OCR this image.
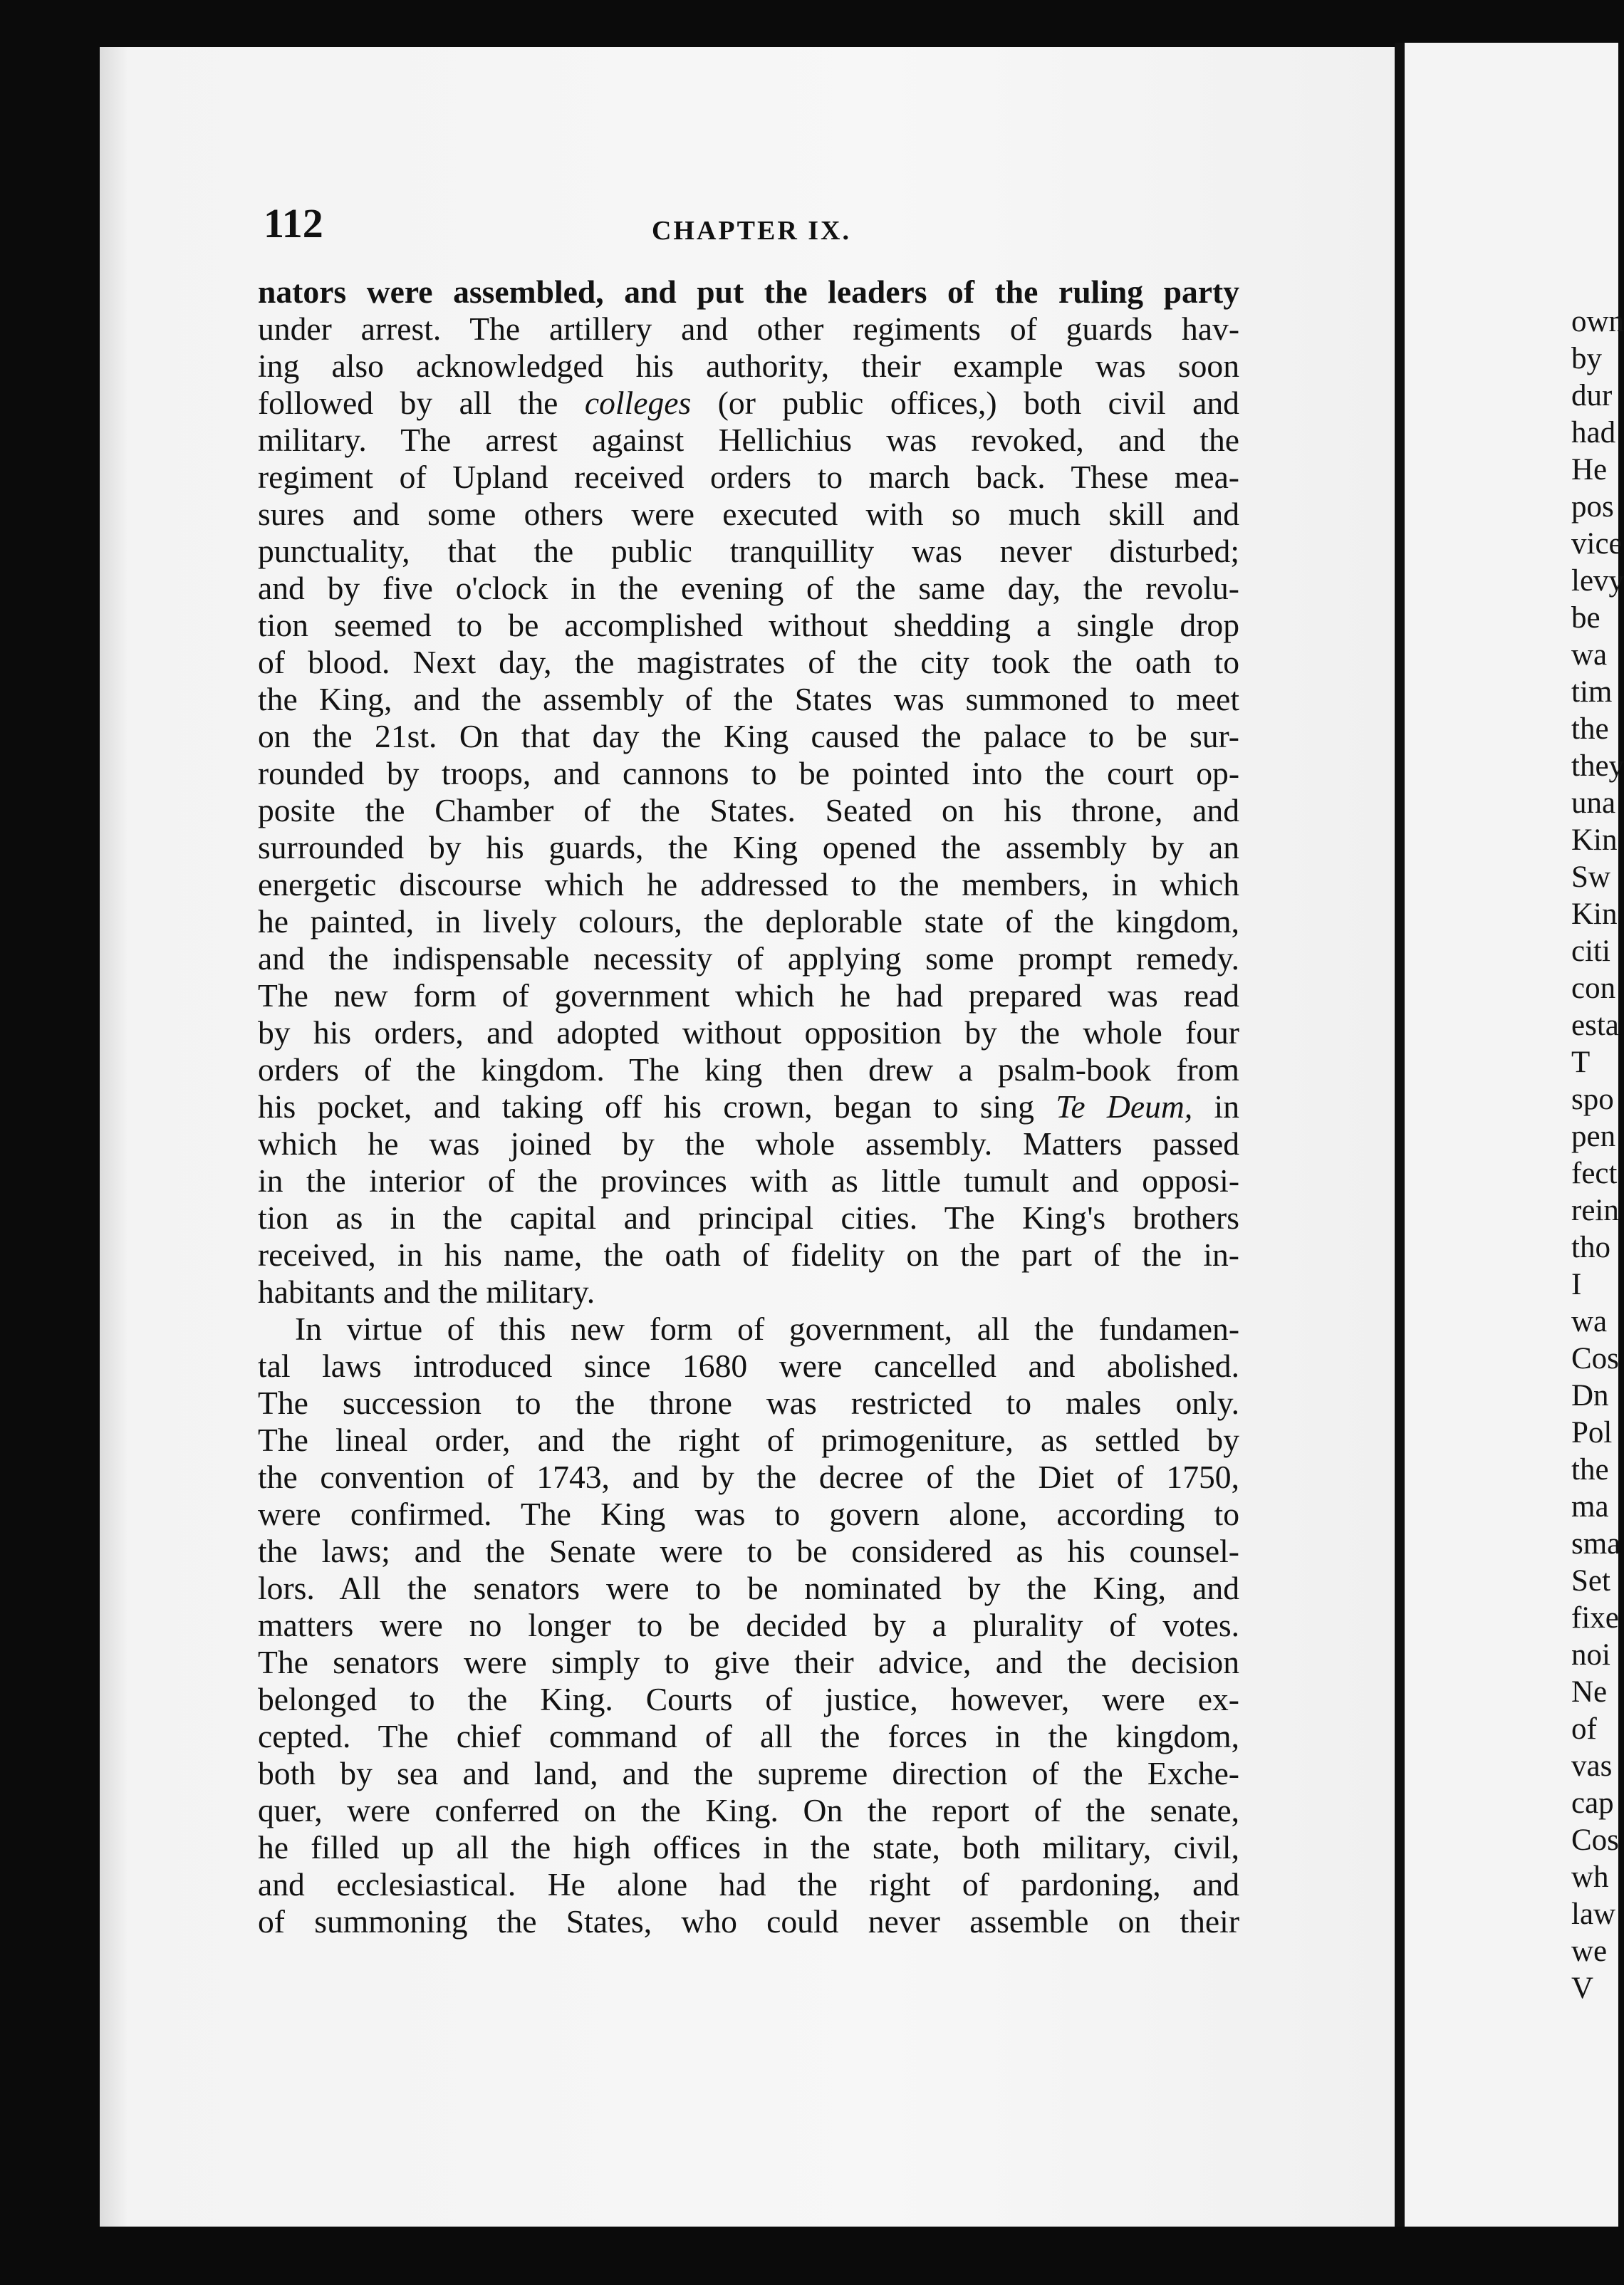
112	CHAPTER IX.
nators were assembled, and put the leaders of the ruling party
under arrest. The artillery and other regiments of guards hav-
ing also acknowledged his authority, their example was soon
followed by all the colleges (or public offices,) both civil and
military. The arrest against Hellichius was revoked, and the
regiment of Upland received orders to march back. These mea-
sures and some others were executed with so much skill and
punctuality, that the public tranquillity was never disturbed;
and by five o'clock in the evening of the same day, the revolu-
tion seemed to be accomplished without shedding a single drop
of blood. Next day, the magistrates of the city took the oath to
the King, and the assembly of the States was summoned to meet
on the 21st. On that day the King caused the palace to be sur-
rounded by troops, and cannons to be pointed into the court op-
posite the Chamber of the States. Seated on his throne, and
surrounded by his guards, the King opened the assembly by an
energetic discourse which he addressed to the members, in which
he painted, in lively colours, the deplorable state of the kingdom,
and the indispensable necessity of applying some prompt remedy.
The new form of government which he had prepared was read
by his orders, and adopted without opposition by the whole four
orders of the kingdom. The king then drew a psalm-book from
his pocket, and taking off his crown, began to sing Te Deum, in
which he was joined by the whole assembly. Matters passed
in the interior of the provinces with as little tumult and opposi-
tion as in the capital and principal cities. The King's brothers
received, in his name, the oath of fidelity on the part of the in-
habitants and the military.
In virtue of this new form of government, all the fundamen-
tal laws introduced since 1680 were cancelled and abolished.
The succession to the throne was restricted to males only.
The lineal order, and the right of primogeniture, as settled by
the convention of 1743, and by the decree of the Diet of 1750,
were confirmed. The King was to govern alone, according to
the laws; and the Senate were to be considered as his counsel-
lors. All the senators were to be nominated by the King, and
matters were no longer to be decided by a plurality of votes.
The senators were simply to give their advice, and the decision
belonged to the King. Courts of justice, however, were ex-
cepted. The chief command of all the forces in the kingdom,
both by sea and land, and the supreme direction of the Exche-
quer, were conferred on the King. On the report of the senate,
he filled up all the high offices in the state, both military, civil,
and ecclesiastical. He alone had the right of pardoning, and
of summoning the States, who could never assemble on their
own
by
dur
had
He
pos
vice
levy
be
wa
tim
the
they
una
Kin
Sw
Kin
citi
con
esta
T
spo
pen
fect
rein
tho
I
wa
Cos
Dn
Pol
the
ma
sma
Set
fixe
noi
Ne
of
vas
cap
Cos
wh
law
we
V
